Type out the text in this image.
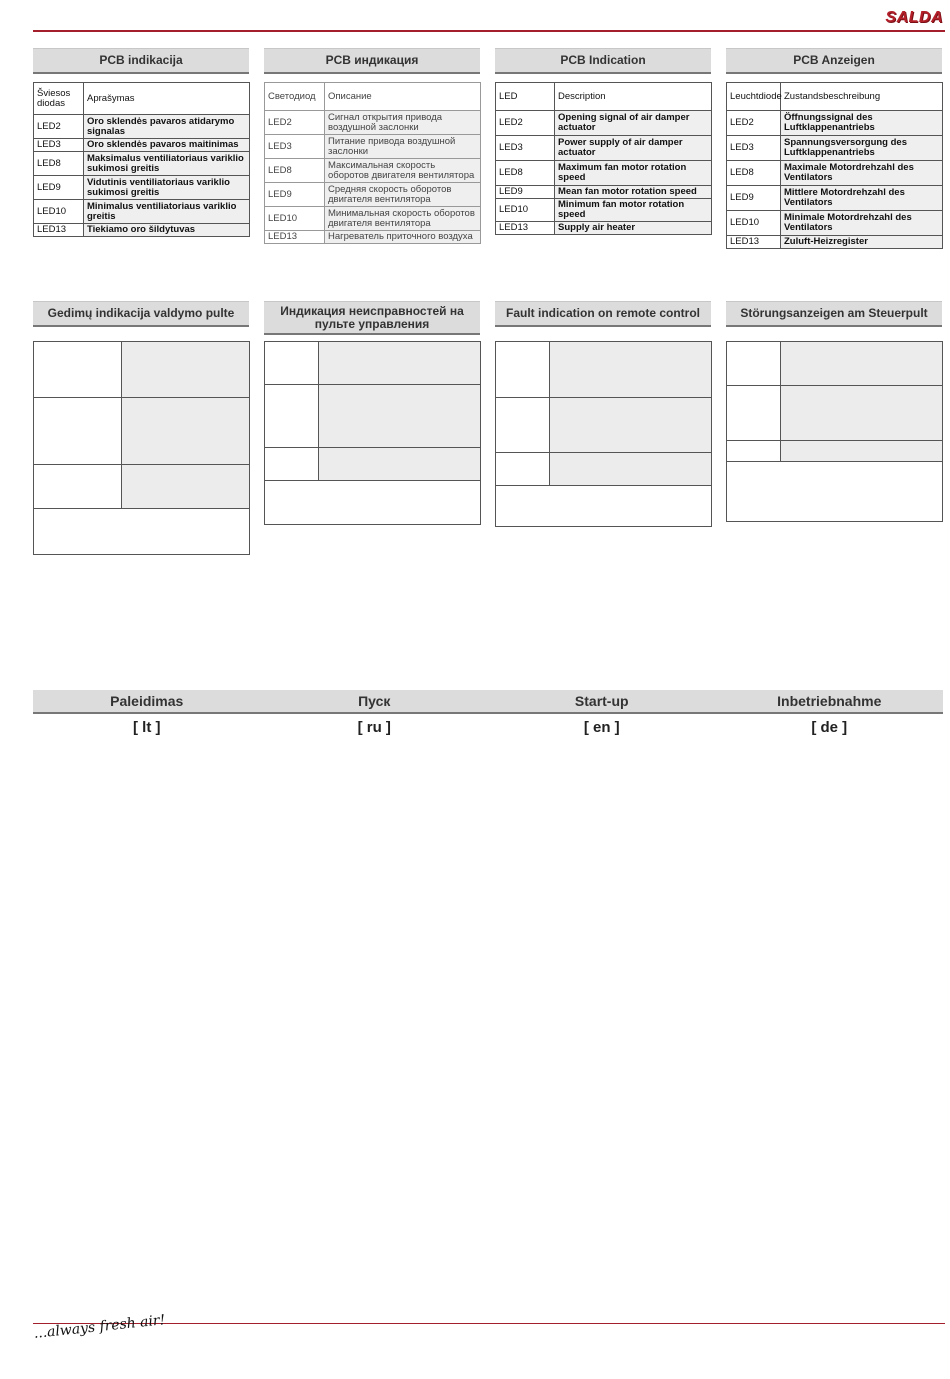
SALDA
PCB indikacija	PCB индикация	PCB Indication	PCB Anzeigen
Šviesos diodas	Aprašymas
LED2	Oro sklendės pavaros atidarymo signalas
LED3	Oro sklendės pavaros maitinimas
LED8	Maksimalus ventiliatoriaus variklio sukimosi greitis
LED9	Vidutinis ventiliatoriaus variklio sukimosi greitis
LED10	Minimalus ventiliatoriaus variklio greitis
LED13	Tiekiamo oro šildytuvas
Светодиод	Описание
LED2	Сигнал открытия привода воздушной заслонки
LED3	Питание привода воздушной заслонки
LED8	Максимальная скорость оборотов двигателя вентилятора
LED9	Средняя скорость оборотов двигателя вентилятора
LED10	Минимальная скорость оборотов двигателя вентилятора
LED13	Нагреватель приточного воздуха
LED	Description
LED2	Opening signal of air damper actuator
LED3	Power supply of air damper actuator
LED8	Maximum fan motor rotation speed
LED9	Mean fan motor rotation speed
LED10	Minimum fan motor rotation speed
LED13	Supply air heater
Leuchtdiode	Zustandsbeschreibung
LED2	Öffnungssignal des Luftklappenantriebs
LED3	Spannungsversorgung des Luftklappenantriebs
LED8	Maximale Motordrehzahl des Ventilators
LED9	Mittlere Motordrehzahl des Ventilators
LED10	Minimale Motordrehzahl des Ventilators
LED13	Zuluft-Heizregister
Gedimų indikacija valdymo pulte	Индикация неисправностей на пульте управления
Fault indication on remote control	Störungsanzeigen am Steuerpult

Paleidimas	Пуск	Start-up	Inbetriebnahme
[ lt ]	[ ru ]	[ en ]	[ de ]
...always fresh air!
